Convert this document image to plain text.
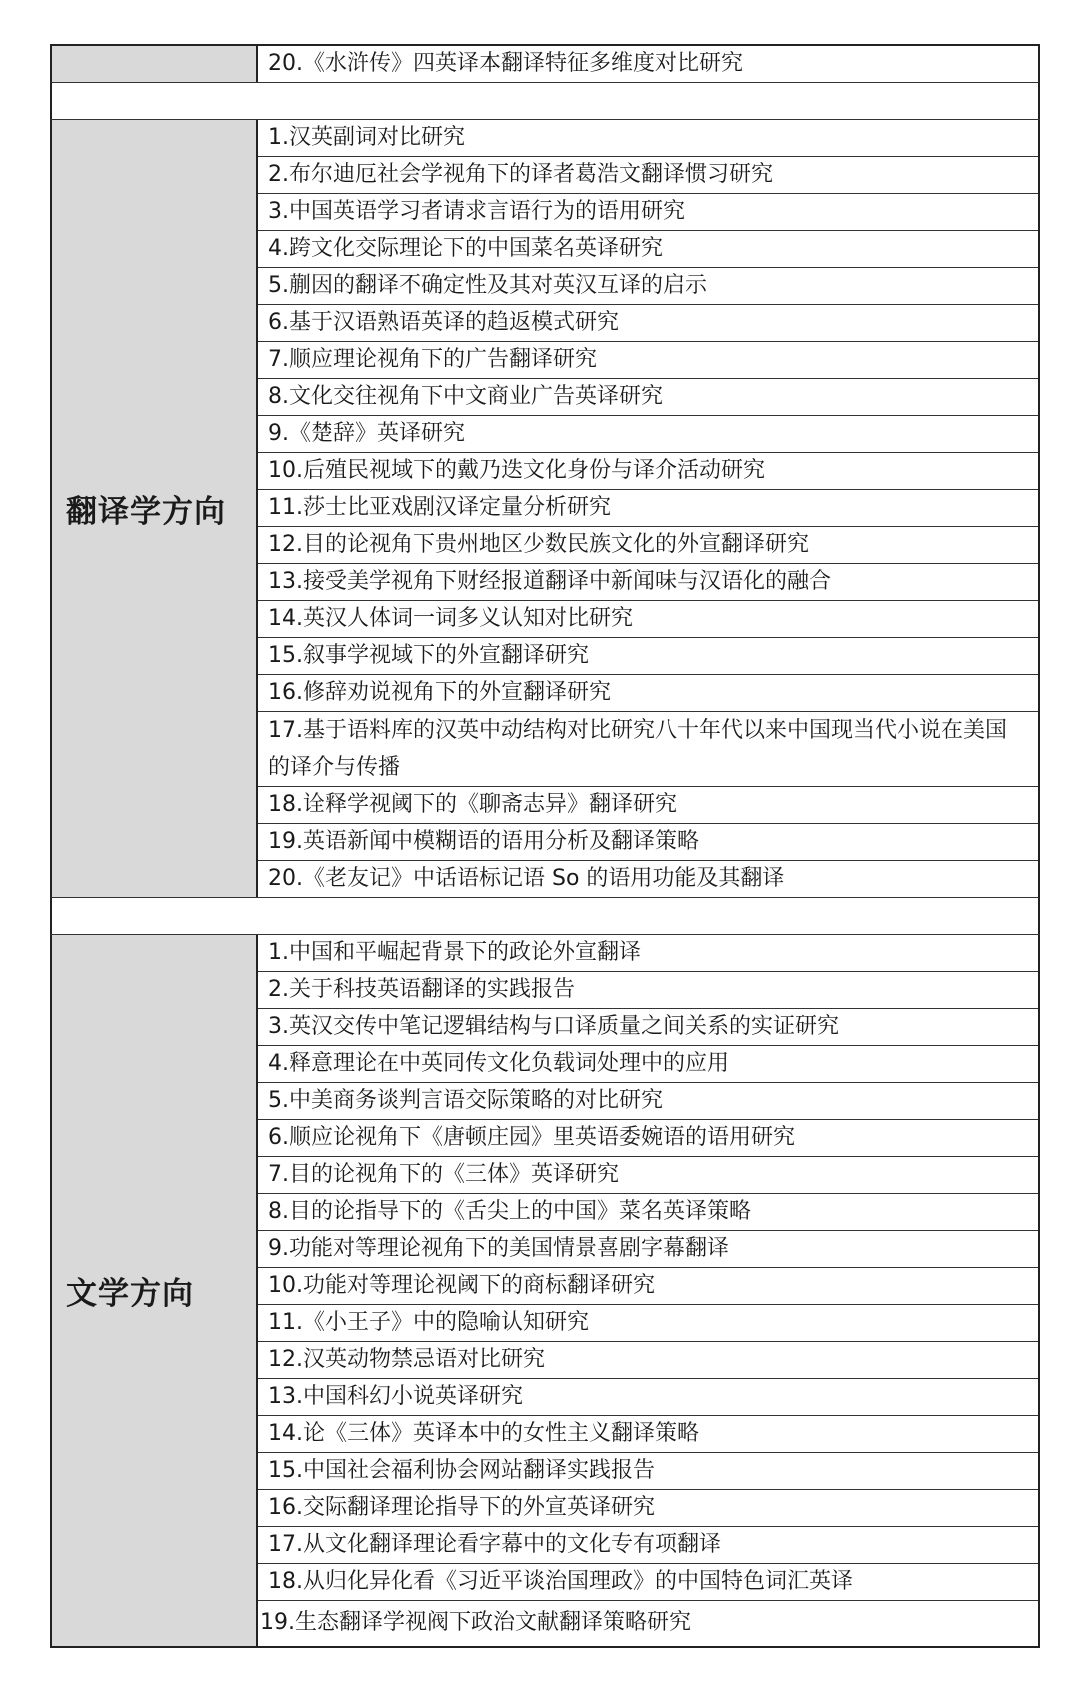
20.《水浒传》四英译本翻译特征多维度对比研究
翻译学方向
1.汉英副词对比研究
2.布尔迪厄社会学视角下的译者葛浩文翻译惯习研究
3.中国英语学习者请求言语行为的语用研究
4.跨文化交际理论下的中国菜名英译研究
5.蒯因的翻译不确定性及其对英汉互译的启示
6.基于汉语熟语英译的趋返模式研究
7.顺应理论视角下的广告翻译研究
8.文化交往视角下中文商业广告英译研究
9.《楚辞》英译研究
10.后殖民视域下的戴乃迭文化身份与译介活动研究
11.莎士比亚戏剧汉译定量分析研究
12.目的论视角下贵州地区少数民族文化的外宣翻译研究
13.接受美学视角下财经报道翻译中新闻味与汉语化的融合
14.英汉人体词一词多义认知对比研究
15.叙事学视域下的外宣翻译研究
16.修辞劝说视角下的外宣翻译研究
17.基于语料库的汉英中动结构对比研究八十年代以来中国现当代小说在美国的译介与传播
18.诠释学视阈下的《聊斋志异》翻译研究
19.英语新闻中模糊语的语用分析及翻译策略
20.《老友记》中话语标记语 So 的语用功能及其翻译
文学方向
1.中国和平崛起背景下的政论外宣翻译
2.关于科技英语翻译的实践报告
3.英汉交传中笔记逻辑结构与口译质量之间关系的实证研究
4.释意理论在中英同传文化负载词处理中的应用
5.中美商务谈判言语交际策略的对比研究
6.顺应论视角下《唐顿庄园》里英语委婉语的语用研究
7.目的论视角下的《三体》英译研究
8.目的论指导下的《舌尖上的中国》菜名英译策略
9.功能对等理论视角下的美国情景喜剧字幕翻译
10.功能对等理论视阈下的商标翻译研究
11.《小王子》中的隐喻认知研究
12.汉英动物禁忌语对比研究
13.中国科幻小说英译研究
14.论《三体》英译本中的女性主义翻译策略
15.中国社会福利协会网站翻译实践报告
16.交际翻译理论指导下的外宣英译研究
17.从文化翻译理论看字幕中的文化专有项翻译
18.从归化异化看《习近平谈治国理政》的中国特色词汇英译
19.生态翻译学视阀下政治文献翻译策略研究
